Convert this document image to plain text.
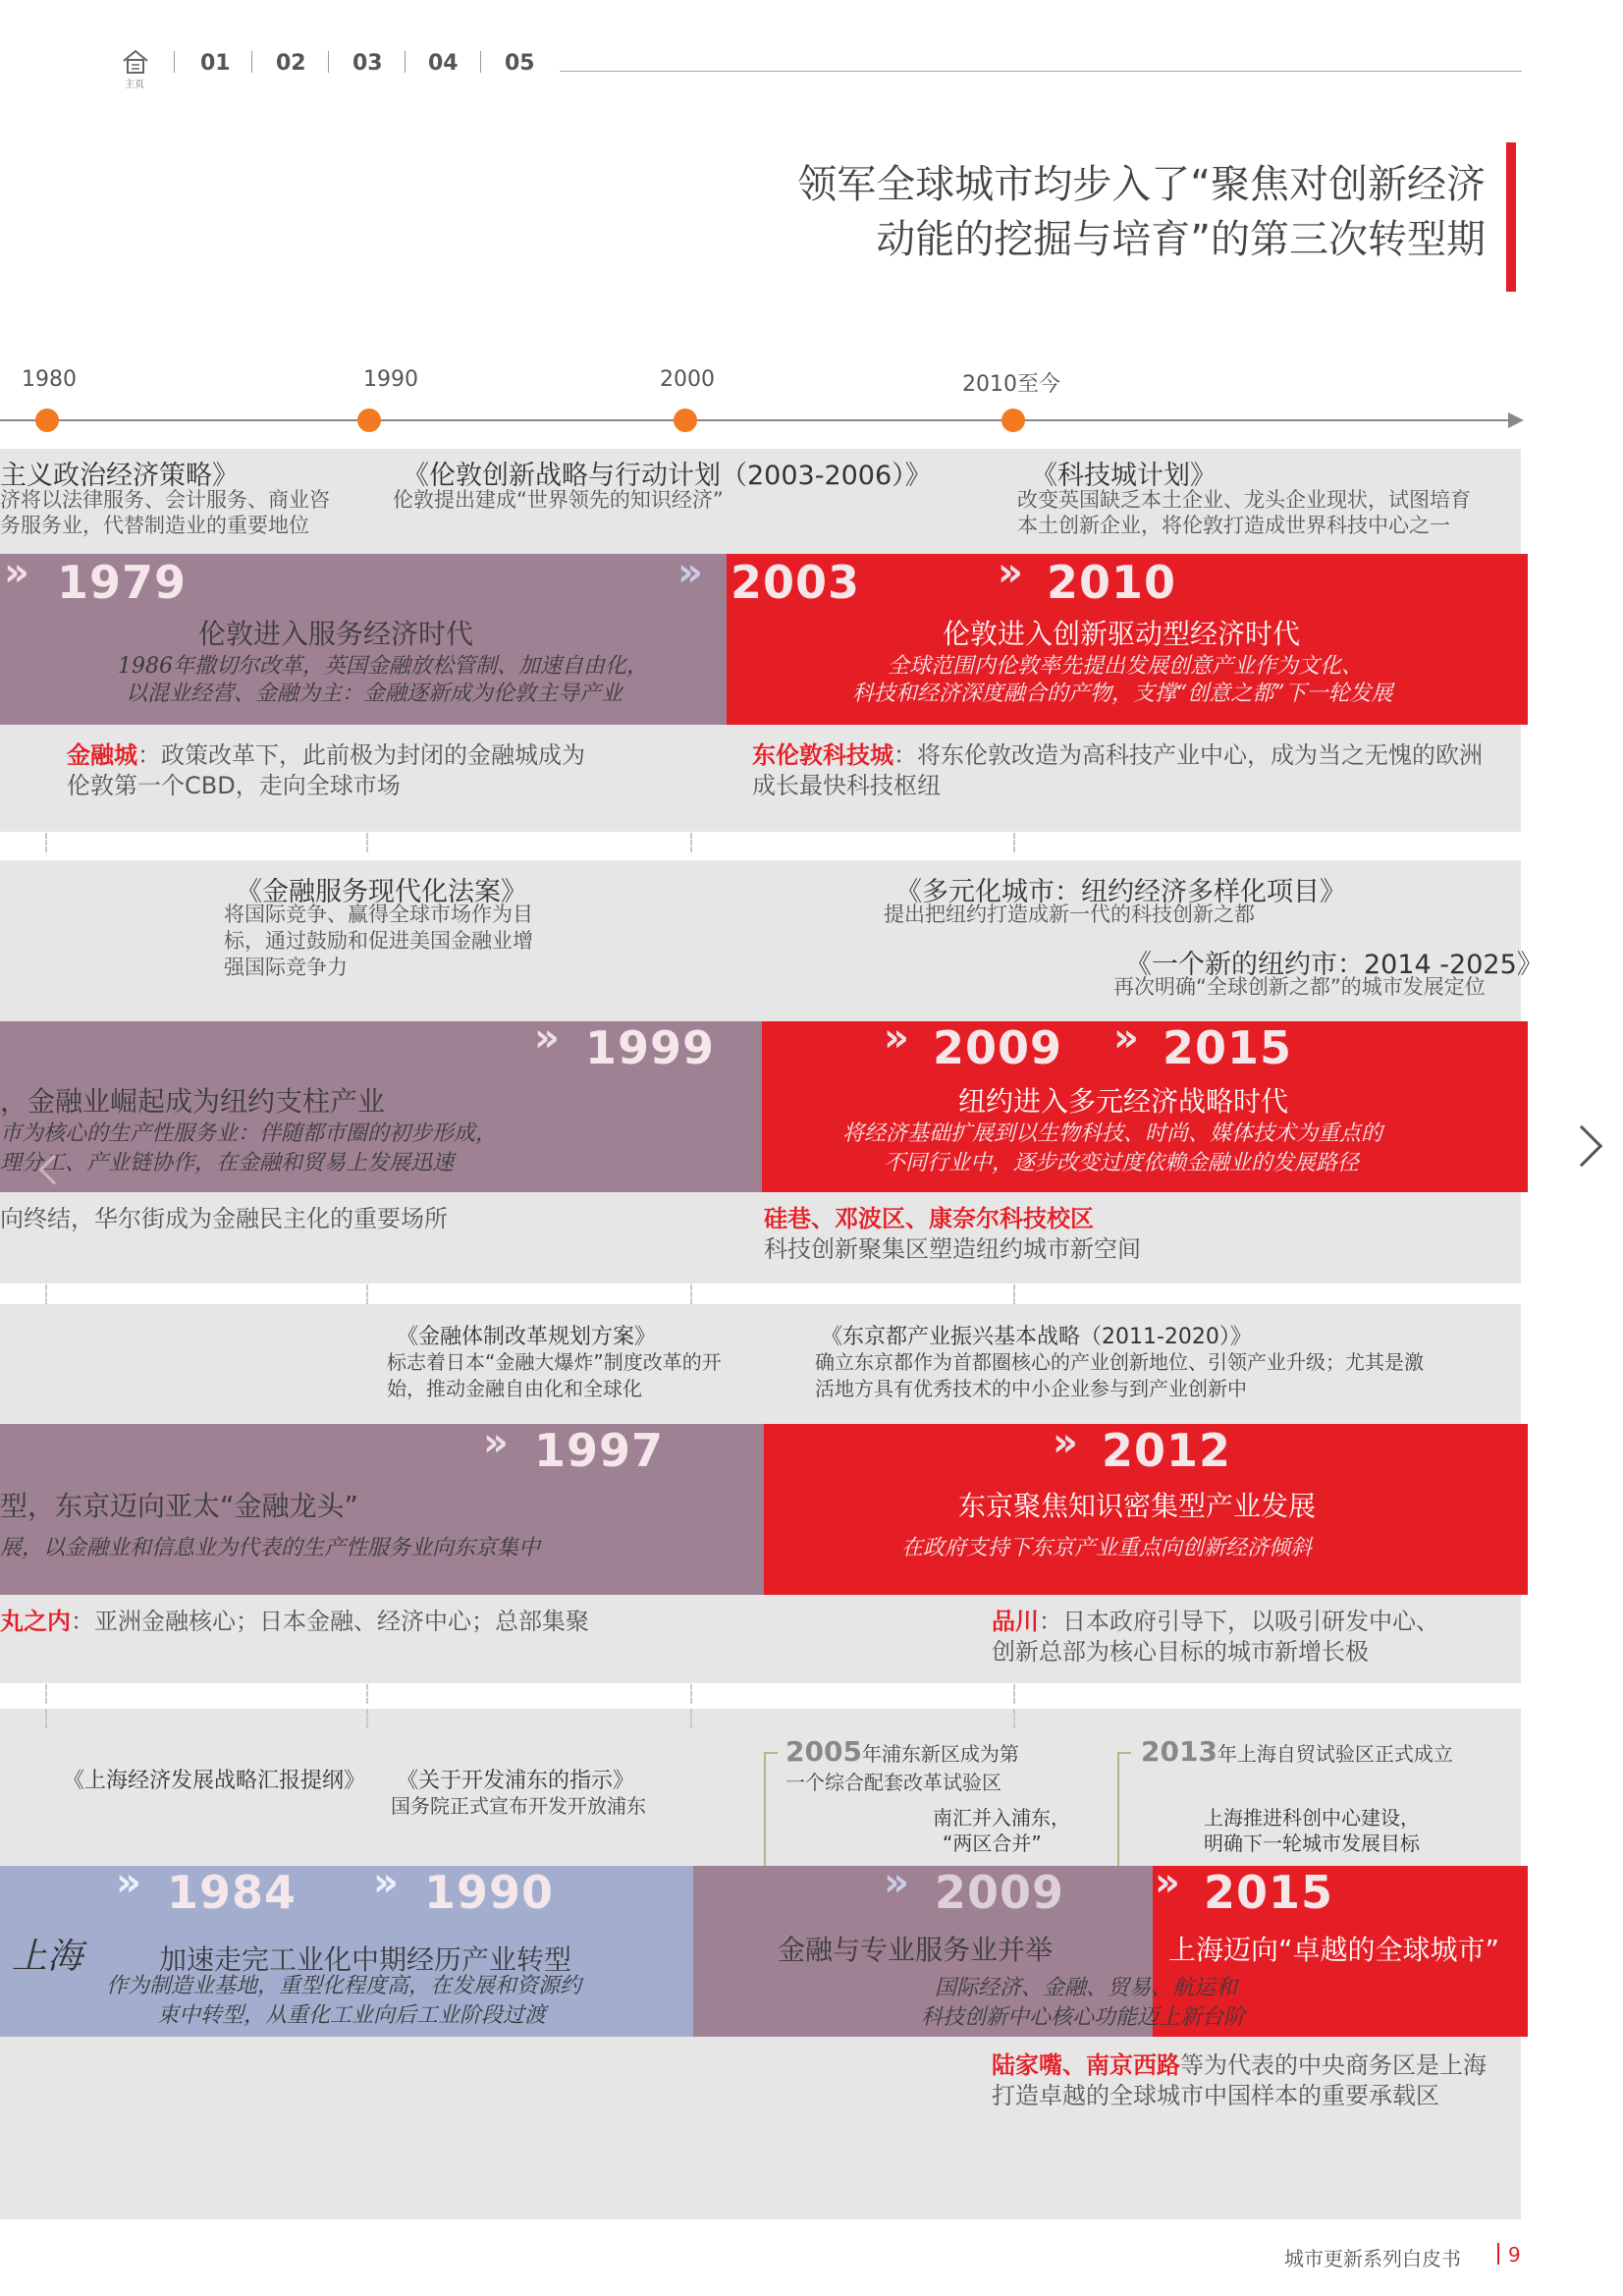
主页
01 02 03 04 05
领军全球城市均步入了“聚焦对创新经济动能的挖掘与培育”的第三次转型期
1980	1990	2000	2010至今
主义政治经济策略》
济将以法律服务、会计服务、商业咨
务服务业，代替制造业的重要地位
《伦敦创新战略与行动计划（2003-2006）》
伦敦提出建成“世界领先的知识经济”
《科技城计划》
改变英国缺乏本土企业、龙头企业现状，试图培育
本土创新企业，将伦敦打造成世界科技中心之一
» 1979	» 2003	» 2010
伦敦进入服务经济时代
1986年撒切尔改革，英国金融放松管制、加速自由化，
以混业经营、金融为主：金融逐新成为伦敦主导产业
伦敦进入创新驱动型经济时代
全球范围内伦敦率先提出发展创意产业作为文化、
科技和经济深度融合的产物，支撑“创意之都”下一轮发展
金融城：政策改革下，此前极为封闭的金融城成为
伦敦第一个CBD，走向全球市场
东伦敦科技城：将东伦敦改造为高科技产业中心，成为当之无愧的欧洲
成长最快科技枢纽
《金融服务现代化法案》
将国际竞争、赢得全球市场作为目
标，通过鼓励和促进美国金融业增
强国际竞争力
《多元化城市：纽约经济多样化项目》
提出把纽约打造成新一代的科技创新之都
《一个新的纽约市：2014 -2025》
再次明确“全球创新之都”的城市发展定位
» 1999	» 2009 » 2015
，金融业崛起成为纽约支柱产业
市为核心的生产性服务业：伴随都市圈的初步形成，
理分工、产业链协作，在金融和贸易上发展迅速
纽约进入多元经济战略时代
将经济基础扩展到以生物科技、时尚、媒体技术为重点的
不同行业中，逐步改变过度依赖金融业的发展路径
向终结，华尔街成为金融民主化的重要场所	硅巷、邓波区、康奈尔科技校区
科技创新聚集区塑造纽约城市新空间
《金融体制改革规划方案》
标志着日本“金融大爆炸”制度改革的开
始，推动金融自由化和全球化
《东京都产业振兴基本战略（2011-2020）》
确立东京都作为首都圈核心的产业创新地位、引领产业升级；尤其是激
活地方具有优秀技术的中小企业参与到产业创新中
» 1997	» 2012
型，东京迈向亚太“金融龙头”
展，以金融业和信息业为代表的生产性服务业向东京集中
东京聚焦知识密集型产业发展
在政府支持下东京产业重点向创新经济倾斜
丸之内：亚洲金融核心；日本金融、经济中心；总部集聚	品川：日本政府引导下，以吸引研发中心、
创新总部为核心目标的城市新增长极
《上海经济发展战略汇报提纲》 《关于开发浦东的指示》
国务院正式宣布开发开放浦东
2005年浦东新区成为第
一个综合配套改革试验区
2013年上海自贸试验区正式成立
南汇并入浦东，
“两区合并”
上海推进科创中心建设，
明确下一轮城市发展目标
» 1984 » 1990	» 2009 » 2015
上海	加速走完工业化中期经历产业转型
作为制造业基地，重型化程度高，在发展和资源约
束中转型，从重化工业向后工业阶段过渡
金融与专业服务业并举
国际经济、金融、贸易、航运和
科技创新中心核心功能迈上新台阶
上海迈向“卓越的全球城市”
陆家嘴、南京西路等为代表的中央商务区是上海
打造卓越的全球城市中国样本的重要承载区
城市更新系列白皮书 9
